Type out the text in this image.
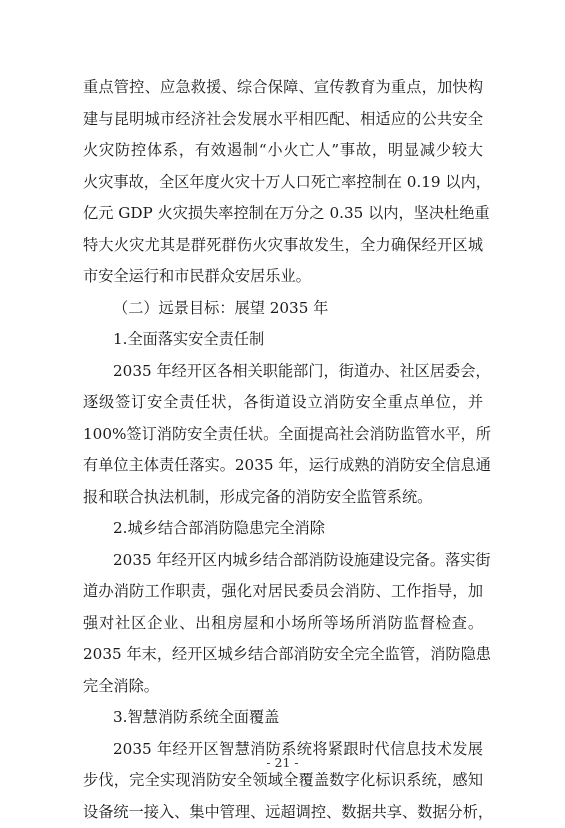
重点管控、应急救援、综合保障、宣传教育为重点，加快构
建与昆明城市经济社会发展水平相匹配、相适应的公共安全
火灾防控体系，有效遏制“小火亡人”事故，明显减少较大
火灾事故，全区年度火灾十万人口死亡率控制在 0.19 以内，
亿元 GDP 火灾损失率控制在万分之 0.35 以内，坚决杜绝重
特大火灾尤其是群死群伤火灾事故发生，全力确保经开区城
市安全运行和市民群众安居乐业。
（二）远景目标：展望 2035 年
1.全面落实安全责任制
2035 年经开区各相关职能部门，街道办、社区居委会，
逐级签订安全责任状，各街道设立消防安全重点单位，并
100%签订消防安全责任状。全面提高社会消防监管水平，所
有单位主体责任落实。2035 年，运行成熟的消防安全信息通
报和联合执法机制，形成完备的消防安全监管系统。
2.城乡结合部消防隐患完全消除
2035 年经开区内城乡结合部消防设施建设完备。落实街
道办消防工作职责，强化对居民委员会消防、工作指导，加
强对社区企业、出租房屋和小场所等场所消防监督检查。
2035 年末，经开区城乡结合部消防安全完全监管，消防隐患
完全消除。
3.智慧消防系统全面覆盖
2035 年经开区智慧消防系统将紧跟时代信息技术发展
步伐，完全实现消防安全领域全覆盖数字化标识系统，感知
设备统一接入、集中管理、远超调控、数据共享、数据分析，
- 21 -
